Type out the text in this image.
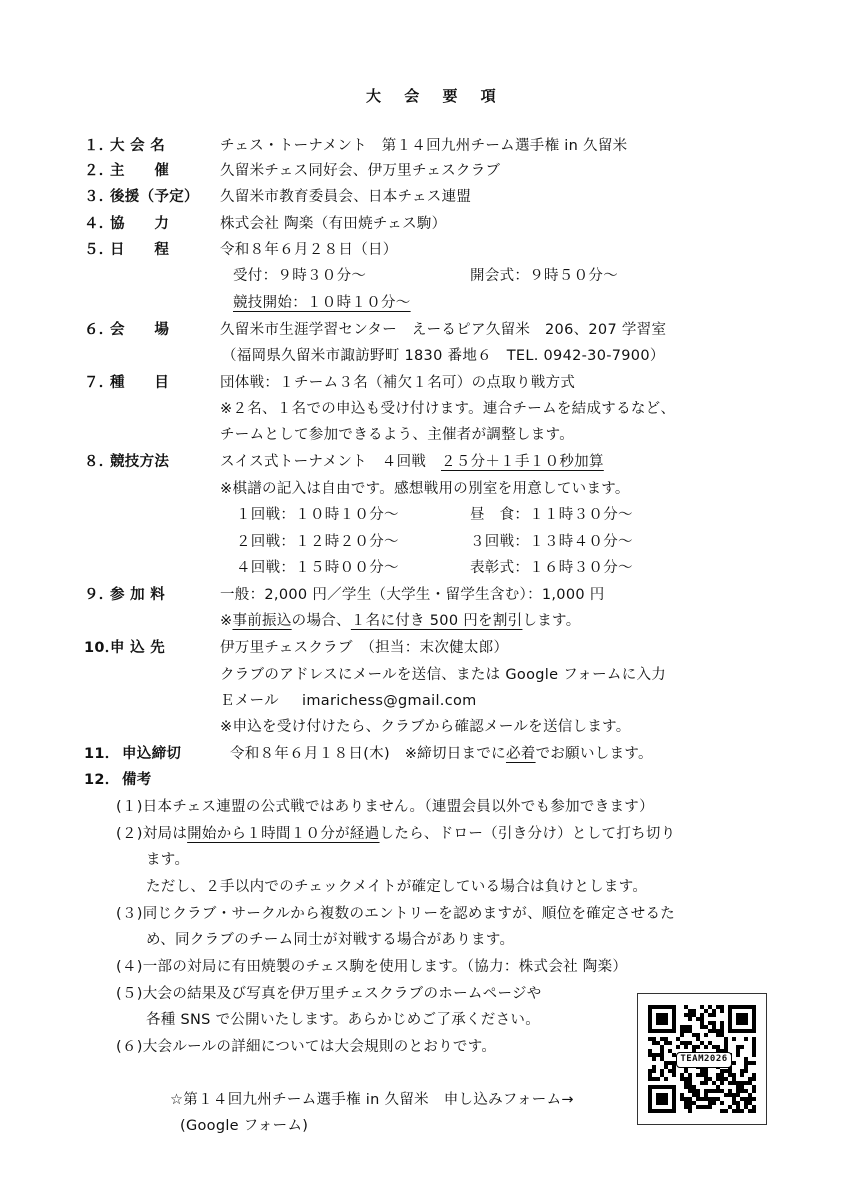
大 会 要 項
１．
大 会 名	チェス・トーナメント　第１４回九州チーム選手権 in 久留米
２．
主　　催	久留米チェス同好会、伊万里チェスクラブ
３．
後援（予定） 久留米市教育委員会、日本チェス連盟
４．
協　　力	株式会社 陶楽（有田焼チェス駒）
５．
日　　程	令和８年６月２８日（日）
受付：９時３０分～	開会式：９時５０分～
競技開始：１０時１０分～
６．
会　　場	久留米市生涯学習センター　えーるピア久留米　206、207 学習室
（福岡県久留米市諏訪野町 1830 番地６　TEL. 0942-30-7900）
７．
種　　目	団体戦：１チーム３名（補欠１名可）の点取り戦方式
※２名、１名での申込も受け付けます。連合チームを結成するなど、
チームとして参加できるよう、主催者が調整します。
８．
競技方法	スイス式トーナメント　４回戦　２５分＋１手１０秒加算
※棋譜の記入は自由です。感想戦用の別室を用意しています。
１回戦：１０時１０分～	昼　食：１１時３０分～
２回戦：１２時２０分～	３回戦：１３時４０分～
４回戦：１５時００分～	表彰式：１６時３０分～
９．
参 加 料	一般：2,000 円／学生（大学生・留学生含む）：1,000 円
※事前振込の場合、１名に付き 500 円を割引します。
10．
申 込 先	伊万里チェスクラブ　（担当：末次健太郎）
クラブのアドレスにメールを送信、または Google フォームに入力
Ｅメール imarichess@gmail.com
※申込を受け付けたら、クラブから確認メールを送信します。
11． 申込締切	令和８年６月１８日(木)　※締切日までに必着でお願いします。
12． 備考
(１)日本チェス連盟の公式戦ではありません。（連盟会員以外でも参加できます）
(２)対局は開始から１時間１０分が経過したら、ドロー（引き分け）として打ち切り
ます。
ただし、２手以内でのチェックメイトが確定している場合は負けとします。
(３)同じクラブ・サークルから複数のエントリーを認めますが、順位を確定させるた
め、同クラブのチーム同士が対戦する場合があります。
(４)一部の対局に有田焼製のチェス駒を使用します。（協力：株式会社 陶楽）
(５)大会の結果及び写真を伊万里チェスクラブのホームページや
各種 SNS で公開いたします。あらかじめご了承ください。
(６)大会ルールの詳細については大会規則のとおりです。
☆第１４回九州チーム選手権 in 久留米　申し込みフォーム→
(Google フォーム)
TEAM2026
